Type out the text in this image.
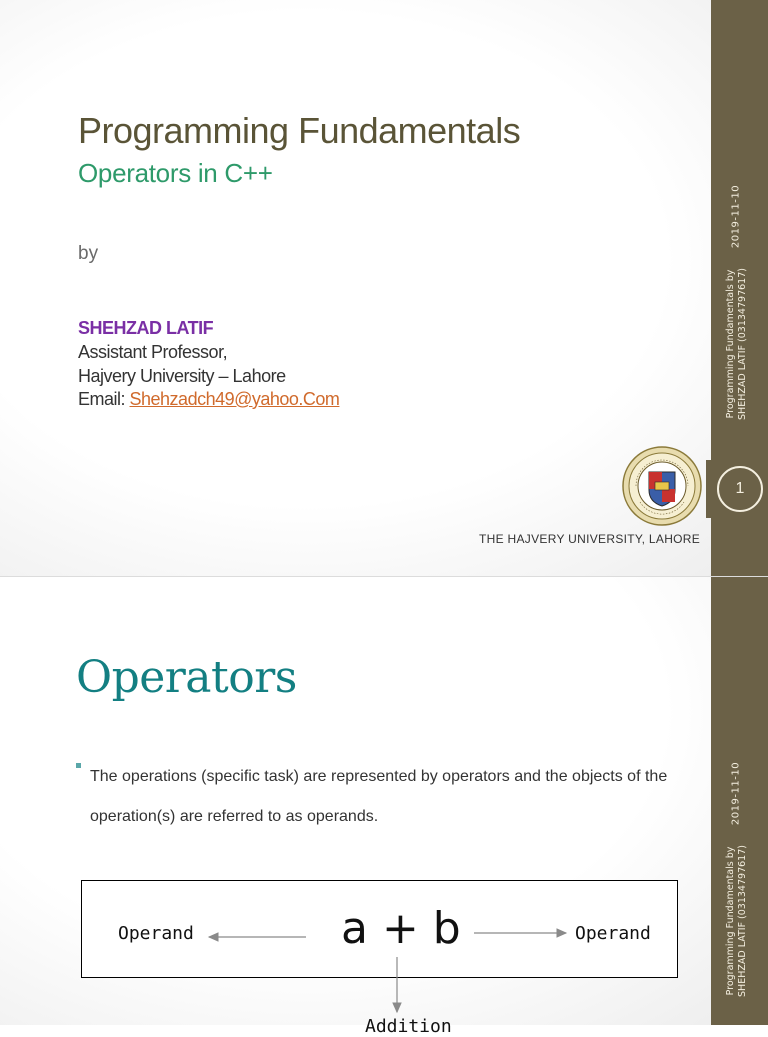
Programming Fundamentals
Operators in C++
by
SHEHZAD LATIF
Assistant Professor,
Hajvery University – Lahore
Email: Shehzadch49@yahoo.Com
THE HAJVERY UNIVERSITY, LAHORE
2019-11-10
Programming Fundamentals by SHEHZAD LATIF (03134797617)
1
2019-11-10
Programming Fundamentals by SHEHZAD LATIF (03134797617)
Operators
The operations (specific task) are represented by operators and the objects of the operation(s) are referred to as operands.
Operand	a + b	Operand
Addition
